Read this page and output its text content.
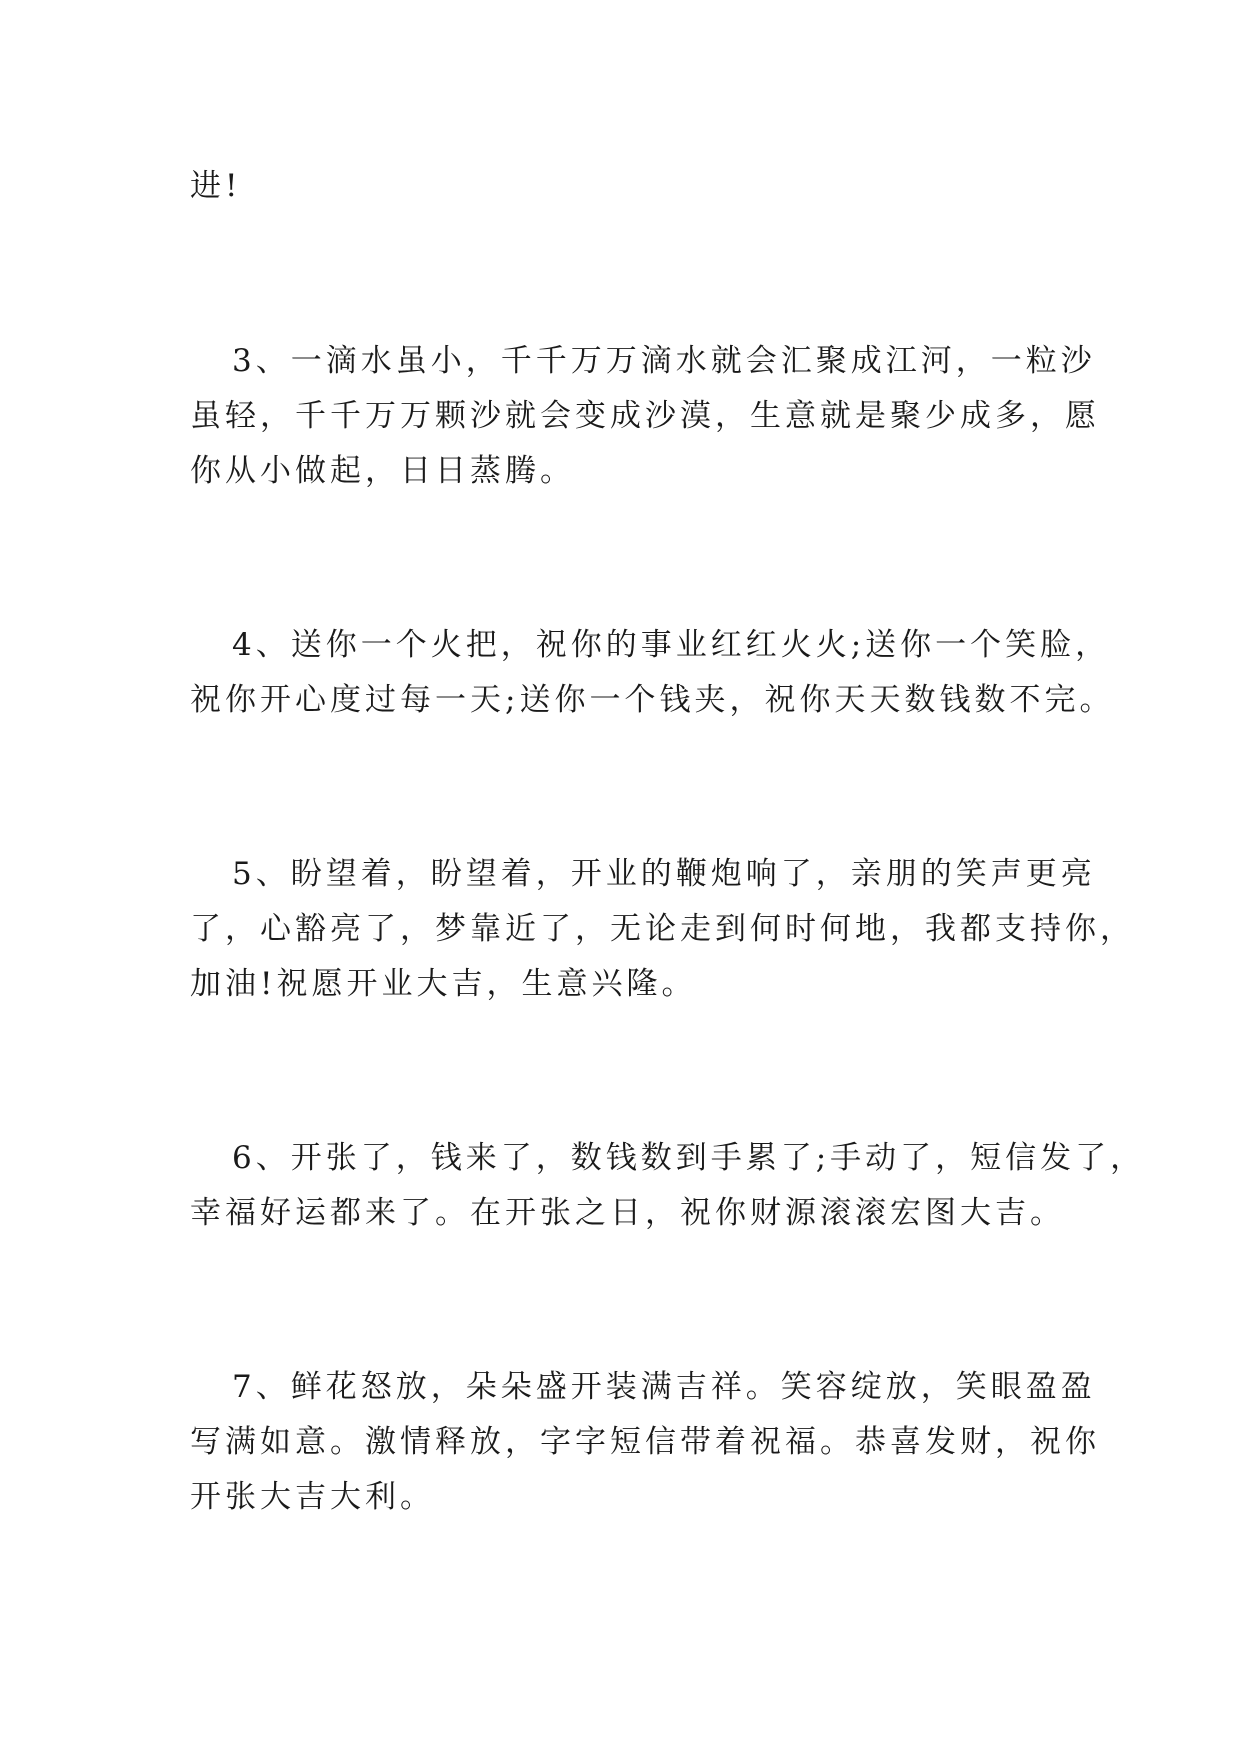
进!

3、一滴水虽小，千千万万滴水就会汇聚成江河，一粒沙

虽轻，千千万万颗沙就会变成沙漠，生意就是聚少成多，愿

你从小做起，日日蒸腾。

4、送你一个火把，祝你的事业红红火火;送你一个笑脸，

祝你开心度过每一天;送你一个钱夹，祝你天天数钱数不完。

5、盼望着，盼望着，开业的鞭炮响了，亲朋的笑声更亮

了，心豁亮了，梦靠近了，无论走到何时何地，我都支持你，

加油!祝愿开业大吉，生意兴隆。

6、开张了，钱来了，数钱数到手累了;手动了，短信发了，

幸福好运都来了。在开张之日，祝你财源滚滚宏图大吉。

7、鲜花怒放，朵朵盛开装满吉祥。笑容绽放，笑眼盈盈

写满如意。激情释放，字字短信带着祝福。恭喜发财，祝你

开张大吉大利。
